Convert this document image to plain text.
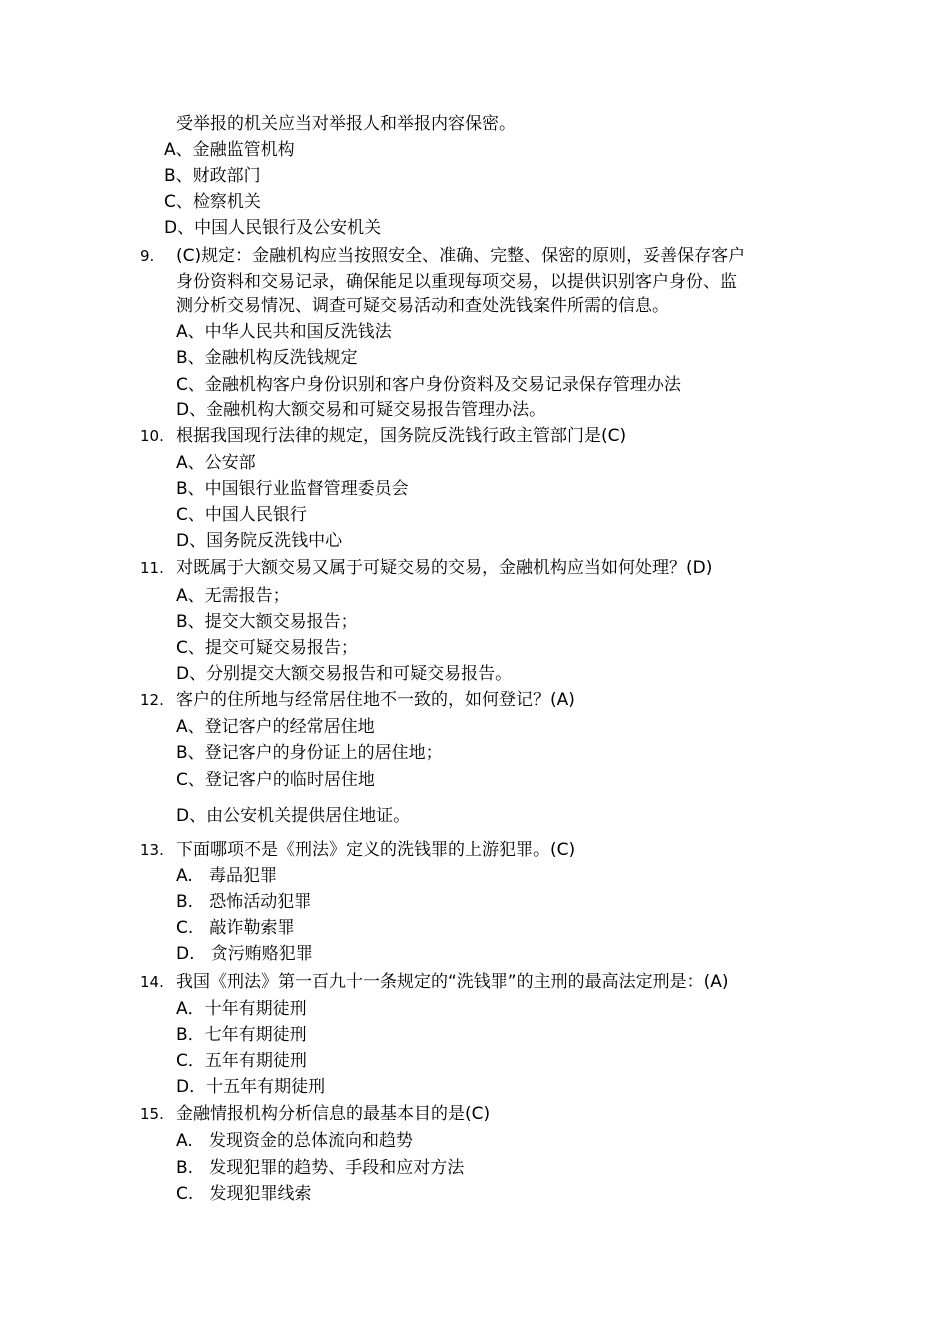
受举报的机关应当对举报人和举报内容保密。
A、金融监管机构
B、财政部门
C、检察机关
D、中国人民银行及公安机关
9. (C)规定：金融机构应当按照安全、准确、完整、保密的原则，妥善保存客户
身份资料和交易记录，确保能足以重现每项交易，以提供识别客户身份、监
测分析交易情况、调查可疑交易活动和查处洗钱案件所需的信息。
A、中华人民共和国反洗钱法
B、金融机构反洗钱规定
C、金融机构客户身份识别和客户身份资料及交易记录保存管理办法
D、金融机构大额交易和可疑交易报告管理办法。
10. 根据我国现行法律的规定，国务院反洗钱行政主管部门是(C)
A、公安部
B、中国银行业监督管理委员会
C、中国人民银行
D、国务院反洗钱中心
11. 对既属于大额交易又属于可疑交易的交易，金融机构应当如何处理？(D)
A、无需报告；
B、提交大额交易报告；
C、提交可疑交易报告；
D、分别提交大额交易报告和可疑交易报告。
12. 客户的住所地与经常居住地不一致的，如何登记？(A)
A、登记客户的经常居住地
B、登记客户的身份证上的居住地；
C、登记客户的临时居住地
D、由公安机关提供居住地证。
13. 下面哪项不是《刑法》定义的洗钱罪的上游犯罪。(C)
A.   毒品犯罪
B.   恐怖活动犯罪
C.   敲诈勒索罪
D.   贪污贿赂犯罪
14. 我国《刑法》第一百九十一条规定的“洗钱罪”的主刑的最高法定刑是：(A)
A．十年有期徒刑
B．七年有期徒刑
C．五年有期徒刑
D．十五年有期徒刑
15. 金融情报机构分析信息的最基本目的是(C)
A.   发现资金的总体流向和趋势
B.   发现犯罪的趋势、手段和应对方法
C.   发现犯罪线索
